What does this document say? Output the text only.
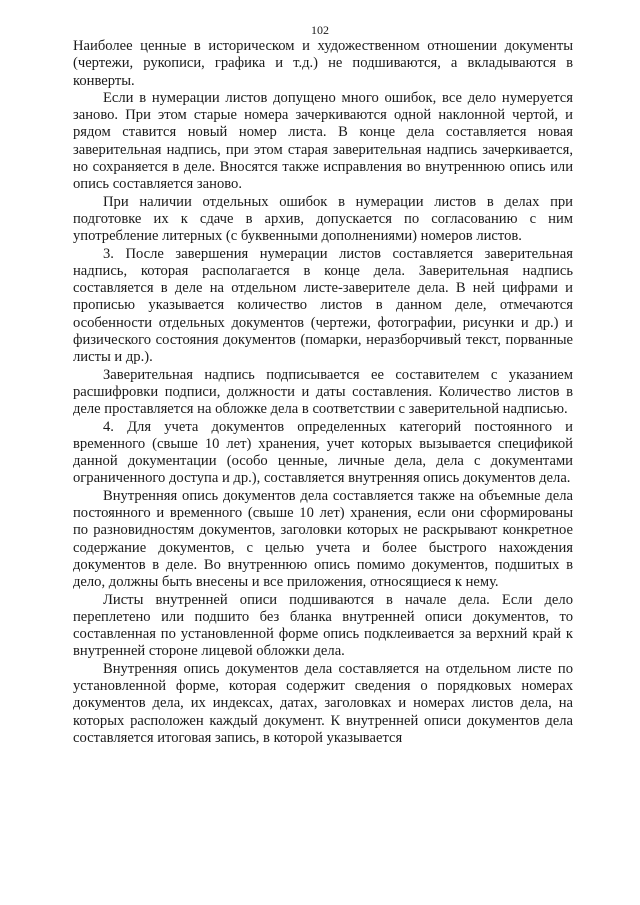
102

Наиболее ценные в историческом и художественном отношении документы (чертежи, рукописи, графика и т.д.) не подшиваются, а вкладываются в конверты.

Если в нумерации листов допущено много ошибок, все дело нумеруется заново. При этом старые номера зачеркиваются одной наклонной чертой, и рядом ставится новый номер листа. В конце дела составляется новая заверительная надпись, при этом старая заверительная надпись зачеркивается, но сохраняется в деле. Вносятся также исправления во внутреннюю опись или опись составляется заново.

При наличии отдельных ошибок в нумерации листов в делах при подготовке их к сдаче в архив, допускается по согласованию с ним употребление литерных (с буквенными дополнениями) номеров листов.

3. После завершения нумерации листов составляется заверительная надпись, которая располагается в конце дела. Заверительная надпись составляется в деле на отдельном листе-заверителе дела. В ней цифрами и прописью указывается количество листов в данном деле, отмечаются особенности отдельных документов (чертежи, фотографии, рисунки и др.) и физического состояния документов (помарки, неразборчивый текст, порванные листы и др.).

Заверительная надпись подписывается ее составителем с указанием расшифровки подписи, должности и даты составления. Количество листов в деле проставляется на обложке дела в соответствии с заверительной надписью.

4. Для учета документов определенных категорий постоянного и временного (свыше 10 лет) хранения, учет которых вызывается спецификой данной документации (особо ценные, личные дела, дела с документами ограниченного доступа и др.), составляется внутренняя опись документов дела.

Внутренняя опись документов дела составляется также на объемные дела постоянного и временного (свыше 10 лет) хранения, если они сформированы по разновидностям документов, заголовки которых не раскрывают конкретное содержание документов, с целью учета и более быстрого нахождения документов в деле. Во внутреннюю опись помимо документов, подшитых в дело, должны быть внесены и все приложения, относящиеся к нему.

Листы внутренней описи подшиваются в начале дела. Если дело переплетено или подшито без бланка внутренней описи документов, то составленная по установленной форме опись подклеивается за верхний край к внутренней стороне лицевой обложки дела.

Внутренняя опись документов дела составляется на отдельном листе по установленной форме, которая содержит сведения о порядковых номерах документов дела, их индексах, датах, заголовках и номерах листов дела, на которых расположен каждый документ. К внутренней описи документов дела составляется итоговая запись, в которой указывается
